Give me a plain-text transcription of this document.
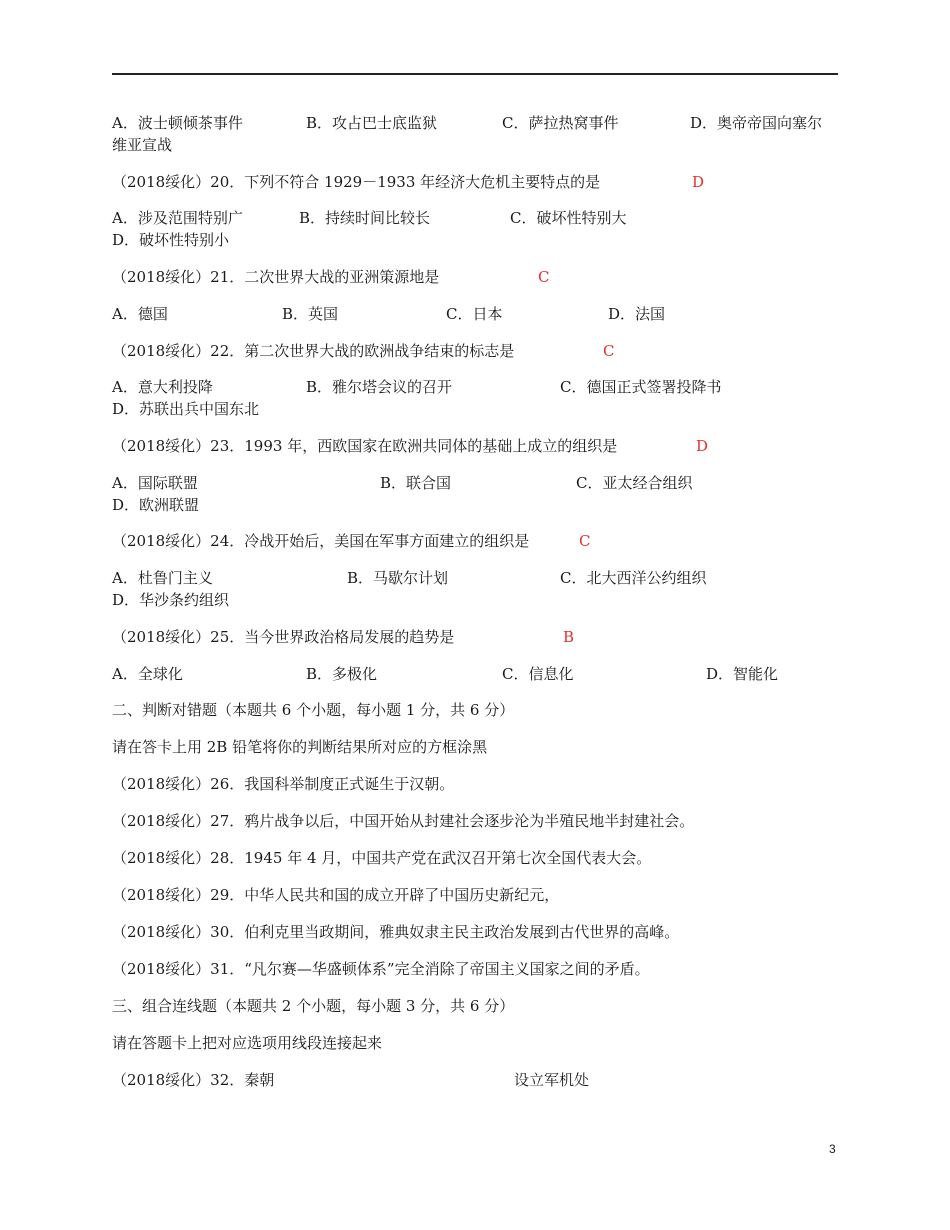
A．波士顿倾茶事件	B．攻占巴士底监狱	C．萨拉热窝事件	D．奥帝帝国向塞尔
维亚宣战
（2018绥化）20．下列不符合 1929－1933 年经济大危机主要特点的是	D
A．涉及范围特别广	B．持续时间比较长	C．破坏性特别大
D．破坏性特别小
（2018绥化）21．二次世界大战的亚洲策源地是	C
A．德国	B．英国	C．日本	D．法国
（2018绥化）22．第二次世界大战的欧洲战争结束的标志是	C
A．意大利投降	B．雅尔塔会议的召开	C．德国正式签署投降书
D．苏联出兵中国东北
（2018绥化）23．1993 年，西欧国家在欧洲共同体的基础上成立的组织是	D
A．国际联盟	B．联合国	C．亚太经合组织
D．欧洲联盟
（2018绥化）24．冷战开始后，美国在军事方面建立的组织是	C
A．杜鲁门主义	B．马歇尔计划	C．北大西洋公约组织
D．华沙条约组织
（2018绥化）25．当今世界政治格局发展的趋势是	B
A．全球化	B．多极化	C．信息化	D．智能化
二、判断对错题（本题共 6 个小题，每小题 1 分，共 6 分）
请在答卡上用 2B 铅笔将你的判断结果所对应的方框涂黑
（2018绥化）26．我国科举制度正式诞生于汉朝。
（2018绥化）27．鸦片战争以后，中国开始从封建社会逐步沦为半殖民地半封建社会。
（2018绥化）28．1945 年 4 月，中国共产党在武汉召开第七次全国代表大会。
（2018绥化）29．中华人民共和国的成立开辟了中国历史新纪元，
（2018绥化）30．伯利克里当政期间，雅典奴隶主民主政治发展到古代世界的高峰。
（2018绥化）31．“凡尔赛—华盛顿体系”完全消除了帝国主义国家之间的矛盾。
三、组合连线题（本题共 2 个小题，每小题 3 分，共 6 分）
请在答题卡上把对应选项用线段连接起来
（2018绥化）32．秦朝	设立军机处
3
